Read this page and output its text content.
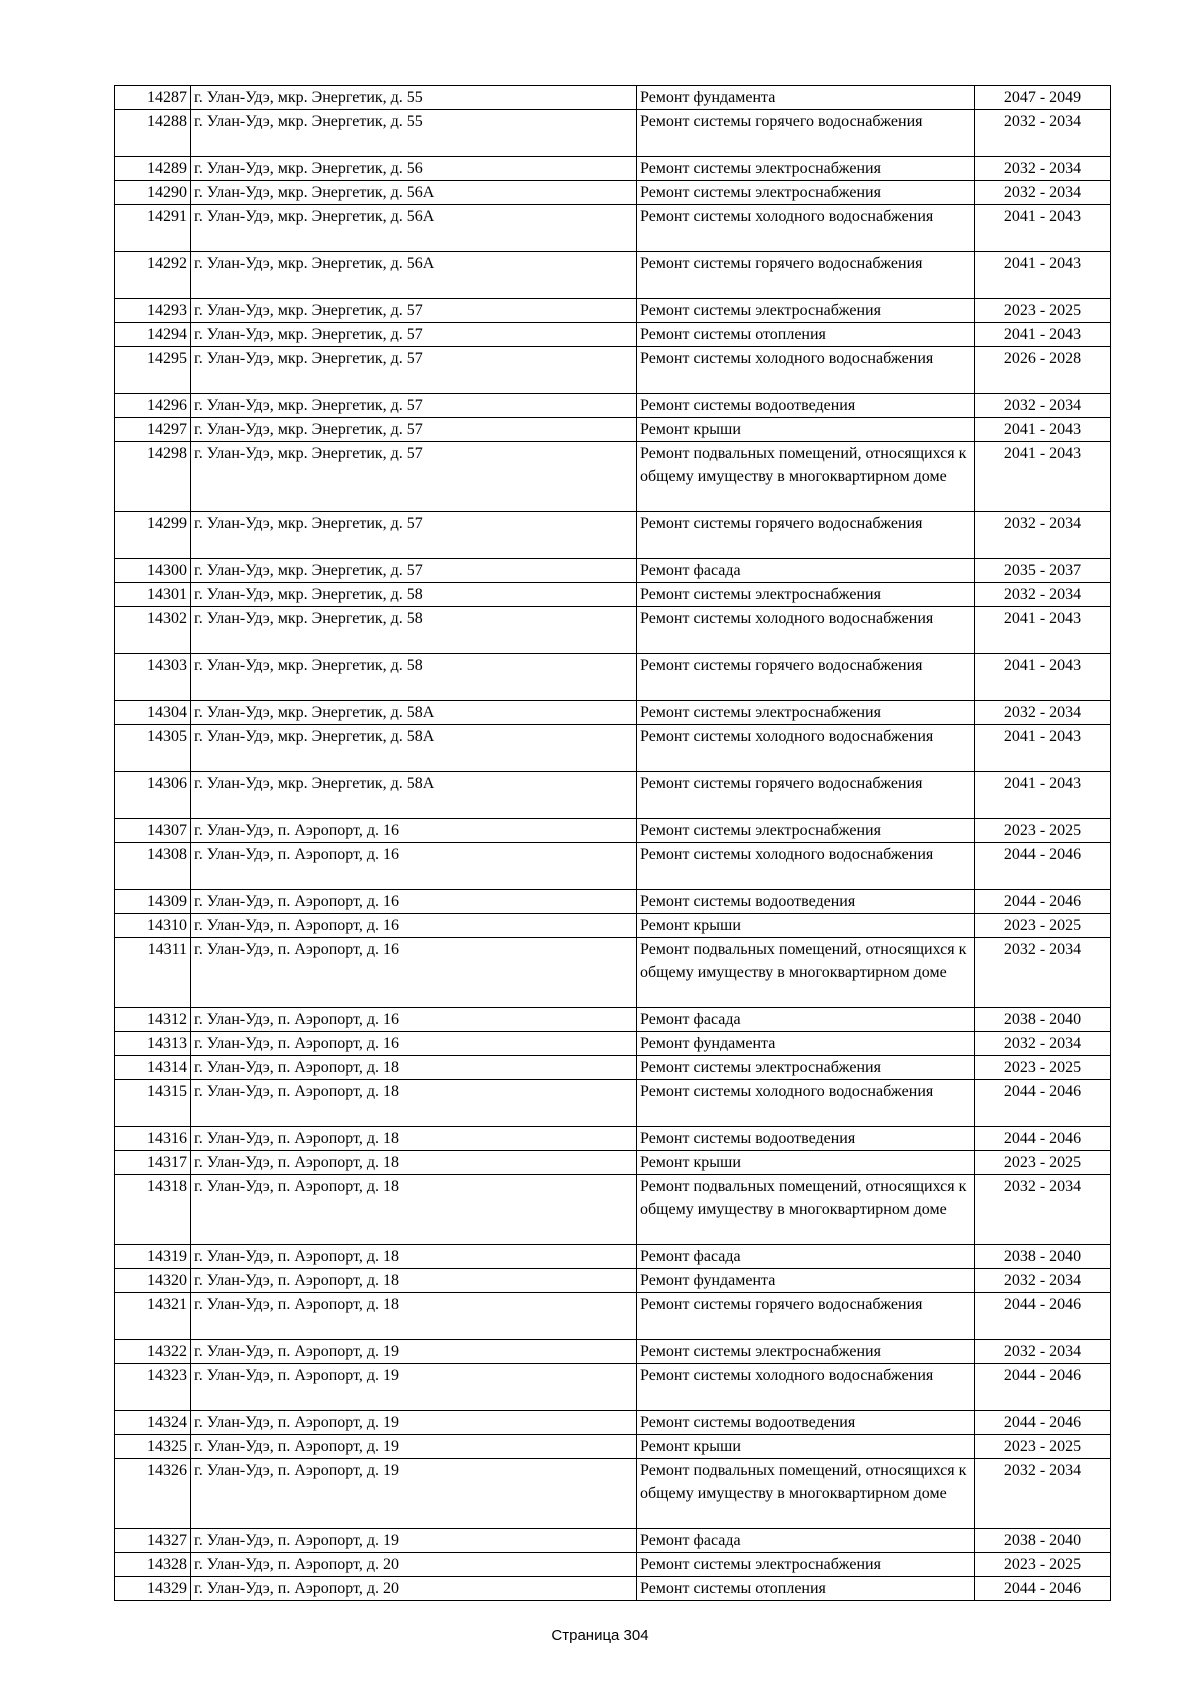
14287	г. Улан-Удэ, мкр. Энергетик, д. 55	Ремонт фундамента	2047 - 2049
14288	г. Улан-Удэ, мкр. Энергетик, д. 55	Ремонт системы горячего водоснабжения	2032 - 2034
14289	г. Улан-Удэ, мкр. Энергетик, д. 56	Ремонт системы электроснабжения	2032 - 2034
14290	г. Улан-Удэ, мкр. Энергетик, д. 56А	Ремонт системы электроснабжения	2032 - 2034
14291	г. Улан-Удэ, мкр. Энергетик, д. 56А	Ремонт системы холодного водоснабжения	2041 - 2043
14292	г. Улан-Удэ, мкр. Энергетик, д. 56А	Ремонт системы горячего водоснабжения	2041 - 2043
14293	г. Улан-Удэ, мкр. Энергетик, д. 57	Ремонт системы электроснабжения	2023 - 2025
14294	г. Улан-Удэ, мкр. Энергетик, д. 57	Ремонт системы отопления	2041 - 2043
14295	г. Улан-Удэ, мкр. Энергетик, д. 57	Ремонт системы холодного водоснабжения	2026 - 2028
14296	г. Улан-Удэ, мкр. Энергетик, д. 57	Ремонт системы водоотведения	2032 - 2034
14297	г. Улан-Удэ, мкр. Энергетик, д. 57	Ремонт крыши	2041 - 2043
14298	г. Улан-Удэ, мкр. Энергетик, д. 57	Ремонт подвальных помещений, относящихся к общему имуществу в многоквартирном доме	2041 - 2043
14299	г. Улан-Удэ, мкр. Энергетик, д. 57	Ремонт системы горячего водоснабжения	2032 - 2034
14300	г. Улан-Удэ, мкр. Энергетик, д. 57	Ремонт фасада	2035 - 2037
14301	г. Улан-Удэ, мкр. Энергетик, д. 58	Ремонт системы электроснабжения	2032 - 2034
14302	г. Улан-Удэ, мкр. Энергетик, д. 58	Ремонт системы холодного водоснабжения	2041 - 2043
14303	г. Улан-Удэ, мкр. Энергетик, д. 58	Ремонт системы горячего водоснабжения	2041 - 2043
14304	г. Улан-Удэ, мкр. Энергетик, д. 58А	Ремонт системы электроснабжения	2032 - 2034
14305	г. Улан-Удэ, мкр. Энергетик, д. 58А	Ремонт системы холодного водоснабжения	2041 - 2043
14306	г. Улан-Удэ, мкр. Энергетик, д. 58А	Ремонт системы горячего водоснабжения	2041 - 2043
14307	г. Улан-Удэ, п. Аэропорт, д. 16	Ремонт системы электроснабжения	2023 - 2025
14308	г. Улан-Удэ, п. Аэропорт, д. 16	Ремонт системы холодного водоснабжения	2044 - 2046
14309	г. Улан-Удэ, п. Аэропорт, д. 16	Ремонт системы водоотведения	2044 - 2046
14310	г. Улан-Удэ, п. Аэропорт, д. 16	Ремонт крыши	2023 - 2025
14311	г. Улан-Удэ, п. Аэропорт, д. 16	Ремонт подвальных помещений, относящихся к общему имуществу в многоквартирном доме	2032 - 2034
14312	г. Улан-Удэ, п. Аэропорт, д. 16	Ремонт фасада	2038 - 2040
14313	г. Улан-Удэ, п. Аэропорт, д. 16	Ремонт фундамента	2032 - 2034
14314	г. Улан-Удэ, п. Аэропорт, д. 18	Ремонт системы электроснабжения	2023 - 2025
14315	г. Улан-Удэ, п. Аэропорт, д. 18	Ремонт системы холодного водоснабжения	2044 - 2046
14316	г. Улан-Удэ, п. Аэропорт, д. 18	Ремонт системы водоотведения	2044 - 2046
14317	г. Улан-Удэ, п. Аэропорт, д. 18	Ремонт крыши	2023 - 2025
14318	г. Улан-Удэ, п. Аэропорт, д. 18	Ремонт подвальных помещений, относящихся к общему имуществу в многоквартирном доме	2032 - 2034
14319	г. Улан-Удэ, п. Аэропорт, д. 18	Ремонт фасада	2038 - 2040
14320	г. Улан-Удэ, п. Аэропорт, д. 18	Ремонт фундамента	2032 - 2034
14321	г. Улан-Удэ, п. Аэропорт, д. 18	Ремонт системы горячего водоснабжения	2044 - 2046
14322	г. Улан-Удэ, п. Аэропорт, д. 19	Ремонт системы электроснабжения	2032 - 2034
14323	г. Улан-Удэ, п. Аэропорт, д. 19	Ремонт системы холодного водоснабжения	2044 - 2046
14324	г. Улан-Удэ, п. Аэропорт, д. 19	Ремонт системы водоотведения	2044 - 2046
14325	г. Улан-Удэ, п. Аэропорт, д. 19	Ремонт крыши	2023 - 2025
14326	г. Улан-Удэ, п. Аэропорт, д. 19	Ремонт подвальных помещений, относящихся к общему имуществу в многоквартирном доме	2032 - 2034
14327	г. Улан-Удэ, п. Аэропорт, д. 19	Ремонт фасада	2038 - 2040
14328	г. Улан-Удэ, п. Аэропорт, д. 20	Ремонт системы электроснабжения	2023 - 2025
14329	г. Улан-Удэ, п. Аэропорт, д. 20	Ремонт системы отопления	2044 - 2046
Страница 304
